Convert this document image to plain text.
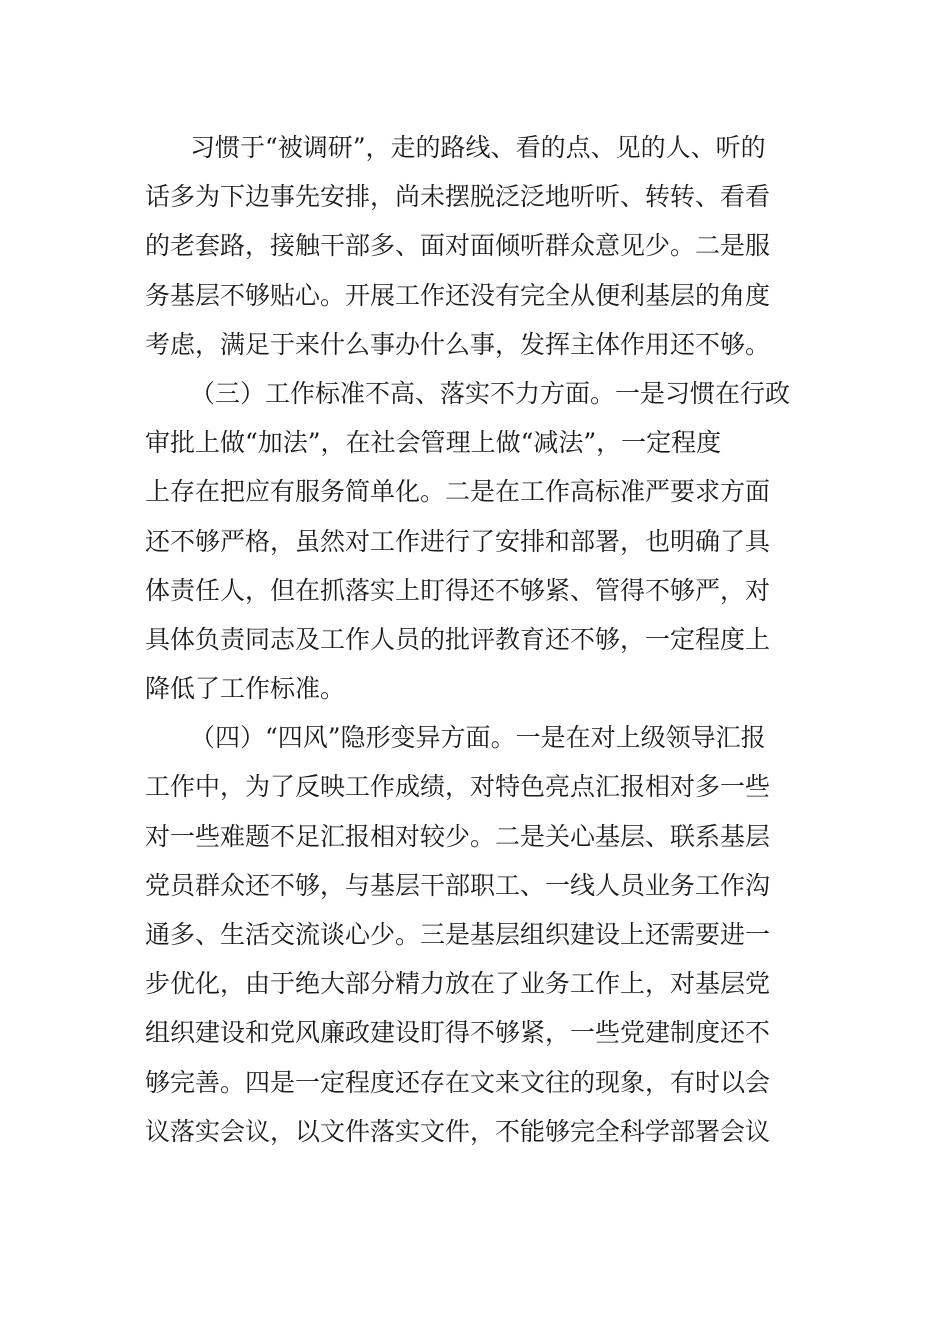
习惯于“被调研”，走的路线、看的点、见的人、听的
话多为下边事先安排，尚未摆脱泛泛地听听、转转、看看
的老套路，接触干部多、面对面倾听群众意见少。二是服
务基层不够贴心。开展工作还没有完全从便利基层的角度
考虑，满足于来什么事办什么事，发挥主体作用还不够。
（三）工作标准不高、落实不力方面。一是习惯在行政
审批上做“加法”，在社会管理上做“减法”，一定程度
上存在把应有服务简单化。二是在工作高标准严要求方面
还不够严格，虽然对工作进行了安排和部署，也明确了具
体责任人，但在抓落实上盯得还不够紧、管得不够严，对
具体负责同志及工作人员的批评教育还不够，一定程度上
降低了工作标准。
（四）“四风”隐形变异方面。一是在对上级领导汇报
工作中，为了反映工作成绩，对特色亮点汇报相对多一些
对一些难题不足汇报相对较少。二是关心基层、联系基层
党员群众还不够，与基层干部职工、一线人员业务工作沟
通多、生活交流谈心少。三是基层组织建设上还需要进一
步优化，由于绝大部分精力放在了业务工作上，对基层党
组织建设和党风廉政建设盯得不够紧，一些党建制度还不
够完善。四是一定程度还存在文来文往的现象，有时以会
议落实会议，以文件落实文件，不能够完全科学部署会议
